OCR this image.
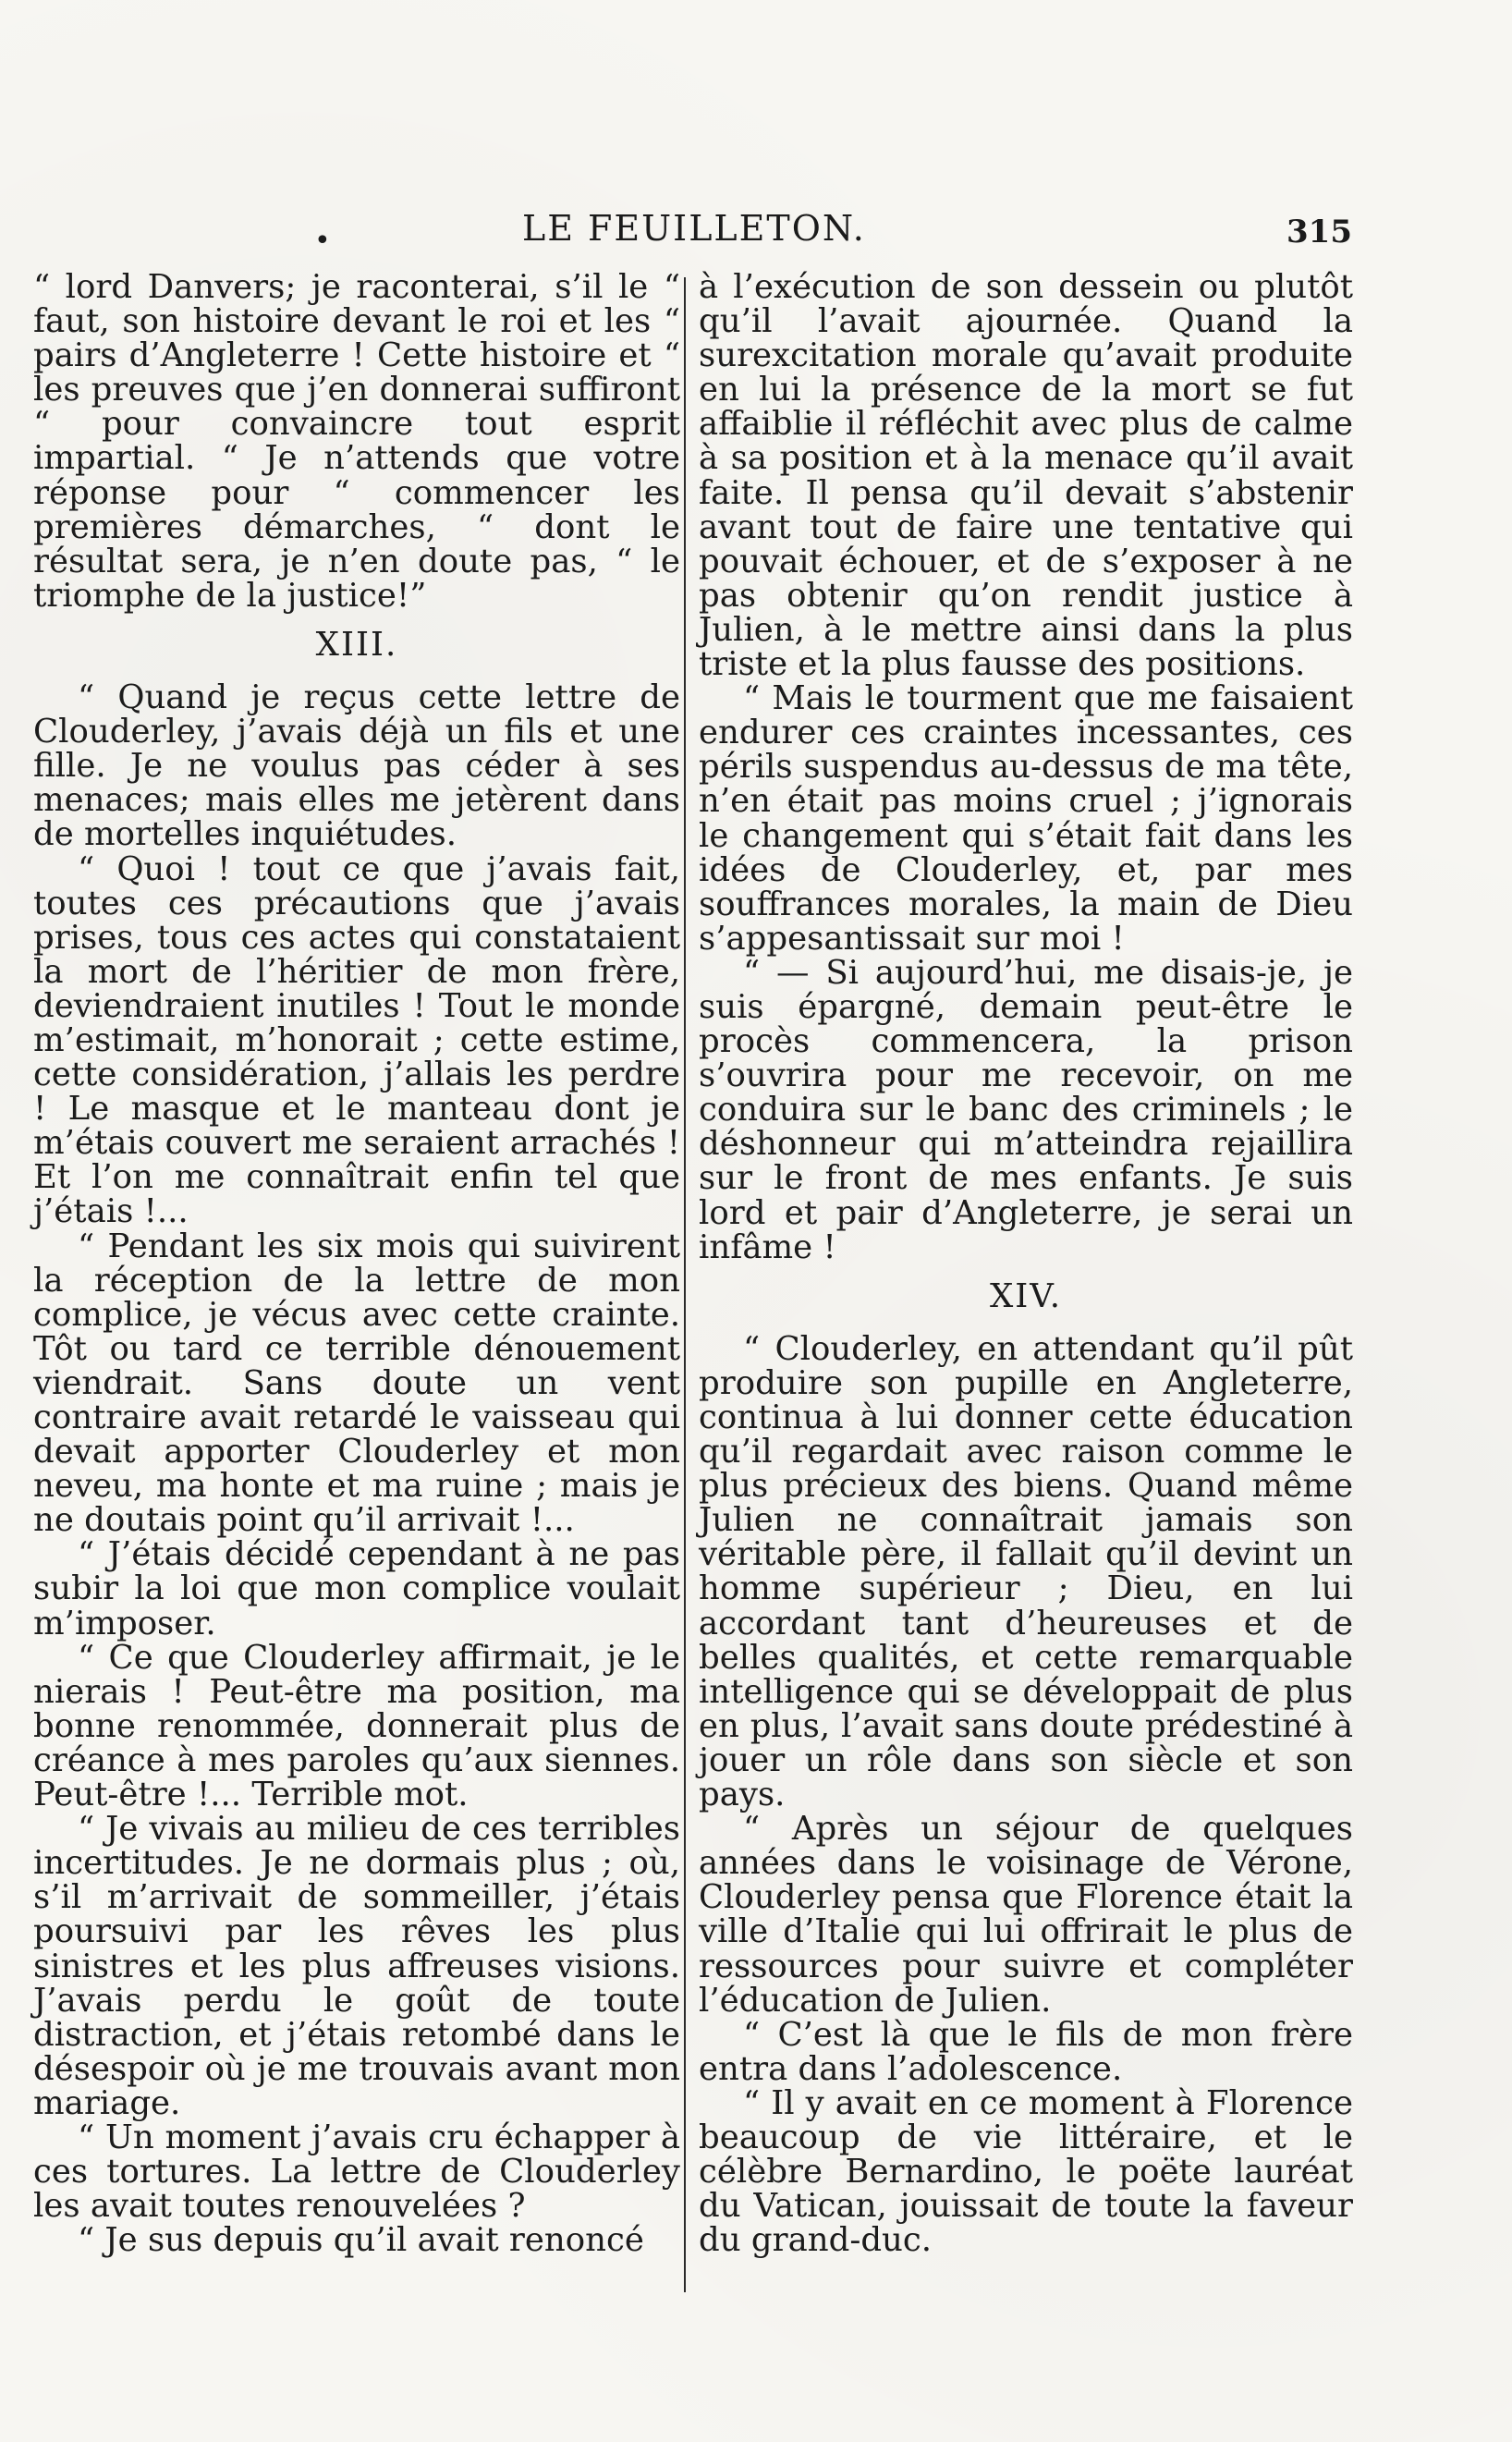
•	LE FEUILLETON.	315

“ lord Danvers; je raconterai, s’il le “ faut, son histoire devant le roi et les “ pairs d’Angleterre ! Cette histoire et “ les preuves que j’en donnerai suffiront “ pour convaincre tout esprit impartial. “ Je n’attends que votre réponse pour “ commencer les premières démarches, “ dont le résultat sera, je n’en doute pas, “ le triomphe de la justice!”

XIII.

“ Quand je reçus cette lettre de Clouderley, j’avais déjà un fils et une fille. Je ne voulus pas céder à ses menaces; mais elles me jetèrent dans de mortelles inquiétudes.

“ Quoi ! tout ce que j’avais fait, toutes ces précautions que j’avais prises, tous ces actes qui constataient la mort de l’héritier de mon frère, deviendraient inutiles ! Tout le monde m’estimait, m’honorait ; cette estime, cette considération, j’allais les perdre ! Le masque et le manteau dont je m’étais couvert me seraient arrachés ! Et l’on me connaîtrait enfin tel que j’étais !...

“ Pendant les six mois qui suivirent la réception de la lettre de mon complice, je vécus avec cette crainte. Tôt ou tard ce terrible dénouement viendrait. Sans doute un vent contraire avait retardé le vaisseau qui devait apporter Clouderley et mon neveu, ma honte et ma ruine ; mais je ne doutais point qu’il arrivait !...

“ J’étais décidé cependant à ne pas subir la loi que mon complice voulait m’imposer.

“ Ce que Clouderley affirmait, je le nierais ! Peut-être ma position, ma bonne renommée, donnerait plus de créance à mes paroles qu’aux siennes. Peut-être !... Terrible mot.

“ Je vivais au milieu de ces terribles incertitudes. Je ne dormais plus ; où, s’il m’arrivait de sommeiller, j’étais poursuivi par les rêves les plus sinistres et les plus affreuses visions. J’avais perdu le goût de toute distraction, et j’étais retombé dans le désespoir où je me trouvais avant mon mariage.

“ Un moment j’avais cru échapper à ces tortures. La lettre de Clouderley les avait toutes renouvelées ?

“ Je sus depuis qu’il avait renoncé

à l’exécution de son dessein ou plutôt qu’il l’avait ajournée. Quand la surexcitation morale qu’avait produite en lui la présence de la mort se fut affaiblie il réfléchit avec plus de calme à sa position et à la menace qu’il avait faite. Il pensa qu’il devait s’abstenir avant tout de faire une tentative qui pouvait échouer, et de s’exposer à ne pas obtenir qu’on rendit justice à Julien, à le mettre ainsi dans la plus triste et la plus fausse des positions.

“ Mais le tourment que me faisaient endurer ces craintes incessantes, ces périls suspendus au-dessus de ma tête, n’en était pas moins cruel ; j’ignorais le changement qui s’était fait dans les idées de Clouderley, et, par mes souffrances morales, la main de Dieu s’appesantissait sur moi !

“ — Si aujourd’hui, me disais-je, je suis épargné, demain peut-être le procès commencera, la prison s’ouvrira pour me recevoir, on me conduira sur le banc des criminels ; le déshonneur qui m’atteindra rejaillira sur le front de mes enfants. Je suis lord et pair d’Angleterre, je serai un infâme !

XIV.

“ Clouderley, en attendant qu’il pût produire son pupille en Angleterre, continua à lui donner cette éducation qu’il regardait avec raison comme le plus précieux des biens. Quand même Julien ne connaîtrait jamais son véritable père, il fallait qu’il devint un homme supérieur ; Dieu, en lui accordant tant d’heureuses et de belles qualités, et cette remarquable intelligence qui se développait de plus en plus, l’avait sans doute prédestiné à jouer un rôle dans son siècle et son pays.

“ Après un séjour de quelques années dans le voisinage de Vérone, Clouderley pensa que Florence était la ville d’Italie qui lui offrirait le plus de ressources pour suivre et compléter l’éducation de Julien.

“ C’est là que le fils de mon frère entra dans l’adolescence.

“ Il y avait en ce moment à Florence beaucoup de vie littéraire, et le célèbre Bernardino, le poëte lauréat du Vatican, jouissait de toute la faveur du grand-duc.
